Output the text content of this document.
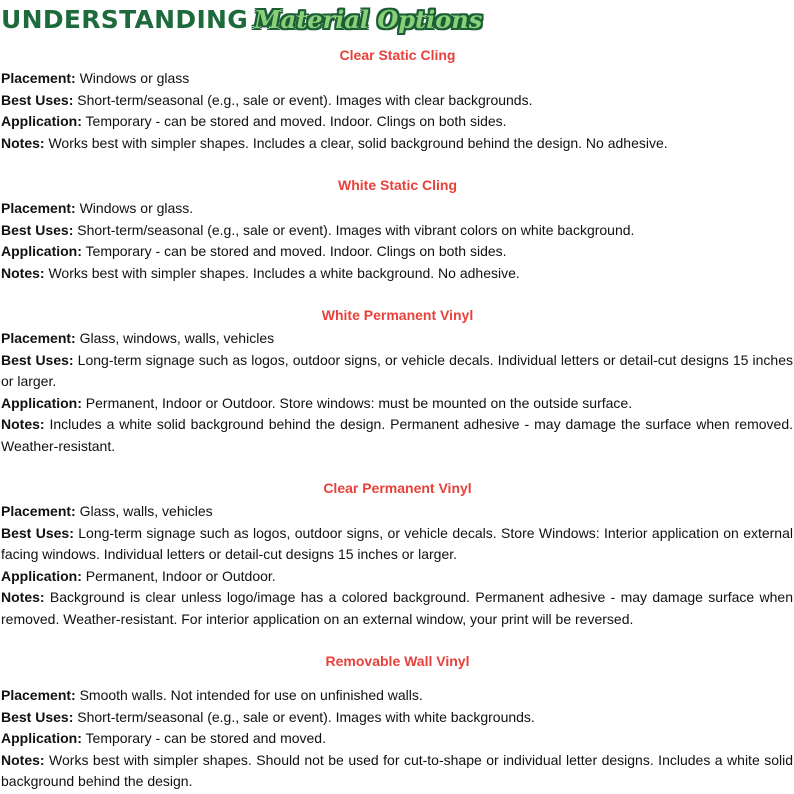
UNDERSTANDING Material Options
Clear Static Cling

Placement: Windows or glass

Best Uses: Short-term/seasonal (e.g., sale or event). Images with clear backgrounds.

Application: Temporary - can be stored and moved. Indoor. Clings on both sides.

Notes: Works best with simpler shapes. Includes a clear, solid background behind the design. No adhesive.

White Static Cling

Placement: Windows or glass.

Best Uses: Short-term/seasonal (e.g., sale or event). Images with vibrant colors on white background.

Application: Temporary - can be stored and moved. Indoor. Clings on both sides.

Notes: Works best with simpler shapes. Includes a white background. No adhesive.

White Permanent Vinyl

Placement: Glass, windows, walls, vehicles

Best Uses: Long-term signage such as logos, outdoor signs, or vehicle decals. Individual letters or detail-cut designs 15 inches or larger.

Application: Permanent, Indoor or Outdoor. Store windows: must be mounted on the outside surface.

Notes: Includes a white solid background behind the design. Permanent adhesive - may damage the surface when removed. Weather-resistant.

Clear Permanent Vinyl

Placement: Glass, walls, vehicles

Best Uses: Long-term signage such as logos, outdoor signs, or vehicle decals. Store Windows: Interior application on external facing windows. Individual letters or detail-cut designs 15 inches or larger.

Application: Permanent, Indoor or Outdoor.

Notes: Background is clear unless logo/image has a colored background. Permanent adhesive - may damage surface when removed. Weather-resistant. For interior application on an external window, your print will be reversed.

Removable Wall Vinyl

Placement: Smooth walls. Not intended for use on unfinished walls.

Best Uses: Short-term/seasonal (e.g., sale or event). Images with white backgrounds.

Application: Temporary - can be stored and moved.

Notes: Works best with simpler shapes. Should not be used for cut-to-shape or individual letter designs. Includes a white solid background behind the design.
